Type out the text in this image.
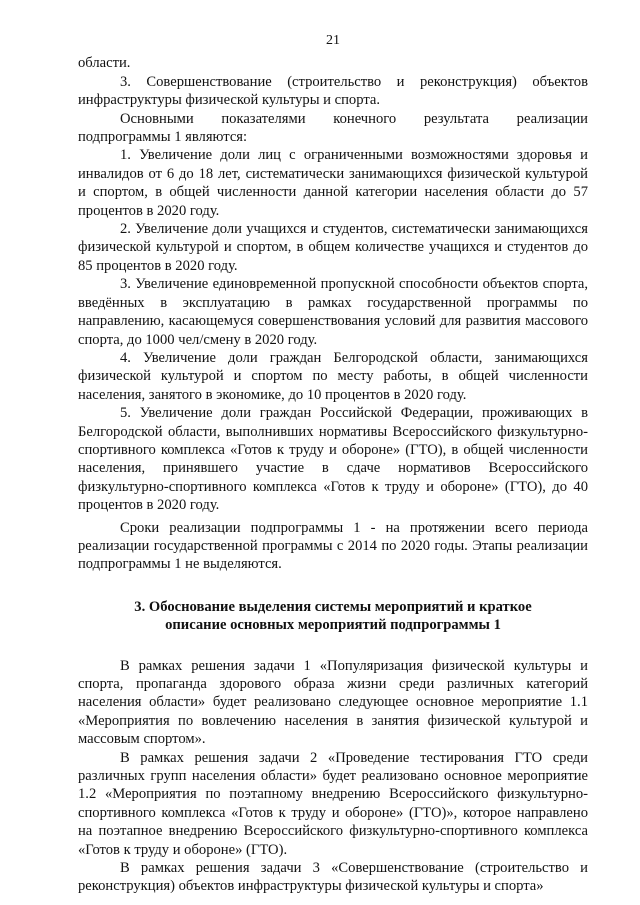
21

области.

3. Совершенствование (строительство и реконструкция) объектов инфраструктуры физической культуры и спорта.

Основными показателями конечного результата реализации подпрограммы 1 являются:

1. Увеличение доли лиц с ограниченными возможностями здоровья и инвалидов от 6 до 18 лет, систематически занимающихся физической культурой и спортом, в общей численности данной категории населения области до 57 процентов в 2020 году.

2. Увеличение доли учащихся и студентов, систематически занимающихся физической культурой и спортом, в общем количестве учащихся и студентов до 85 процентов в 2020 году.

3. Увеличение единовременной пропускной способности объектов спорта, введённых в эксплуатацию в рамках государственной программы по направлению, касающемуся совершенствования условий для развития массового спорта, до 1000 чел/смену в 2020 году.

4. Увеличение доли граждан Белгородской области, занимающихся физической культурой и спортом по месту работы, в общей численности населения, занятого в экономике, до 10 процентов в 2020 году.

5. Увеличение доли граждан Российской Федерации, проживающих в Белгородской области, выполнивших нормативы Всероссийского физкультурно-спортивного комплекса «Готов к труду и обороне» (ГТО), в общей численности населения, принявшего участие в сдаче нормативов Всероссийского физкультурно-спортивного комплекса «Готов к труду и обороне» (ГТО), до 40 процентов в 2020 году.

Сроки реализации подпрограммы 1 - на протяжении всего периода реализации государственной программы с 2014 по 2020 годы. Этапы реализации подпрограммы 1 не выделяются.

3. Обоснование выделения системы мероприятий и краткое
описание основных мероприятий подпрограммы 1

В рамках решения задачи 1 «Популяризация физической культуры и спорта, пропаганда здорового образа жизни среди различных категорий населения области» будет реализовано следующее основное мероприятие 1.1 «Мероприятия по вовлечению населения в занятия физической культурой и массовым спортом».

В рамках решения задачи 2 «Проведение тестирования ГТО среди различных групп населения области» будет реализовано основное мероприятие 1.2 «Мероприятия по поэтапному внедрению Всероссийского физкультурно-спортивного комплекса «Готов к труду и обороне» (ГТО)», которое направлено на поэтапное внедрению Всероссийского физкультурно-спортивного комплекса «Готов к труду и обороне» (ГТО).

В рамках решения задачи 3 «Совершенствование (строительство и реконструкция) объектов инфраструктуры физической культуры и спорта»
